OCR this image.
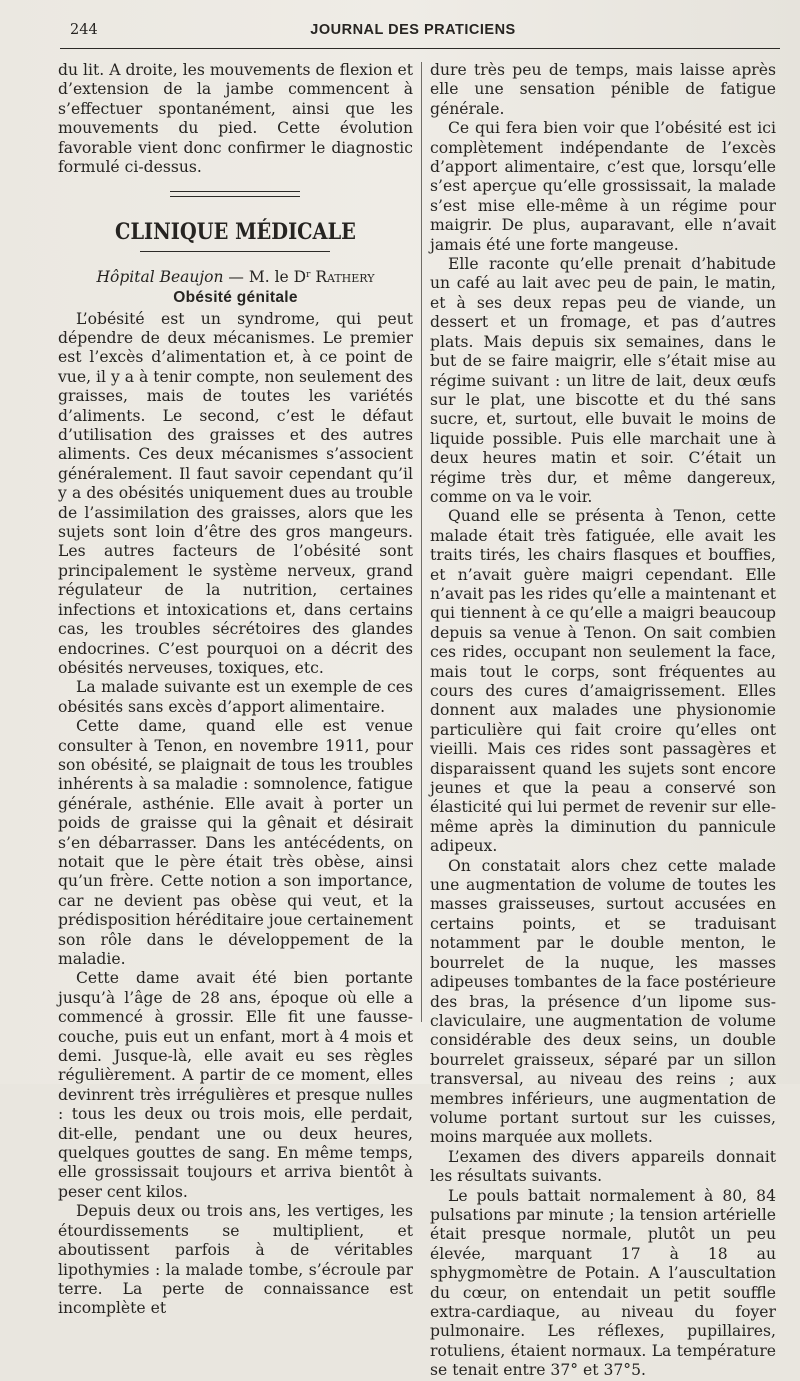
244	JOURNAL DES PRATICIENS

du lit. A droite, les mouvements de flexion et d’extension de la jambe commencent à s’effectuer spontanément, ainsi que les mouvements du pied. Cette évolution favorable vient donc confirmer le diagnostic formulé ci-dessus.

CLINIQUE MÉDICALE
Hôpital Beaujon — M. le $D^r$ Rathery
Obésité génitale

L’obésité est un syndrome, qui peut dépendre de deux mécanismes. Le premier est l’excès d’alimentation et, à ce point de vue, il y a à tenir compte, non seulement des graisses, mais de toutes les variétés d’aliments. Le second, c’est le défaut d’utilisation des graisses et des autres aliments. Ces deux mécanismes s’associent généralement. Il faut savoir cependant qu’il y a des obésités uniquement dues au trouble de l’assimilation des graisses, alors que les sujets sont loin d’être des gros mangeurs. Les autres facteurs de l’obésité sont principalement le système nerveux, grand régulateur de la nutrition, certaines infections et intoxications et, dans certains cas, les troubles sécrétoires des glandes endocrines. C’est pourquoi on a décrit des obésités nerveuses, toxiques, etc.

La malade suivante est un exemple de ces obésités sans excès d’apport alimentaire.

Cette dame, quand elle est venue consulter à Tenon, en novembre 1911, pour son obésité, se plaignait de tous les troubles inhérents à sa maladie : somnolence, fatigue générale, asthénie. Elle avait à porter un poids de graisse qui la gênait et désirait s’en débarrasser. Dans les antécédents, on notait que le père était très obèse, ainsi qu’un frère. Cette notion a son importance, car ne devient pas obèse qui veut, et la prédisposition héréditaire joue certainement son rôle dans le développement de la maladie.

Cette dame avait été bien portante jusqu’à l’âge de 28 ans, époque où elle a commencé à grossir. Elle fit une fausse-couche, puis eut un enfant, mort à 4 mois et demi. Jusque-là, elle avait eu ses règles régulièrement. A partir de ce moment, elles devinrent très irrégulières et presque nulles : tous les deux ou trois mois, elle perdait, dit-elle, pendant une ou deux heures, quelques gouttes de sang. En même temps, elle grossissait toujours et arriva bientôt à peser cent kilos.

Depuis deux ou trois ans, les vertiges, les étourdissements se multiplient, et aboutissent parfois à de véritables lipothymies : la malade tombe, s’écroule par terre. La perte de connaissance est incomplète et

dure très peu de temps, mais laisse après elle une sensation pénible de fatigue générale.

Ce qui fera bien voir que l’obésité est ici complètement indépendante de l’excès d’apport alimentaire, c’est que, lorsqu’elle s’est aperçue qu’elle grossissait, la malade s’est mise elle-même à un régime pour maigrir. De plus, auparavant, elle n’avait jamais été une forte mangeuse.

Elle raconte qu’elle prenait d’habitude un café au lait avec peu de pain, le matin, et à ses deux repas peu de viande, un dessert et un fromage, et pas d’autres plats. Mais depuis six semaines, dans le but de se faire maigrir, elle s’était mise au régime suivant : un litre de lait, deux œufs sur le plat, une biscotte et du thé sans sucre, et, surtout, elle buvait le moins de liquide possible. Puis elle marchait une à deux heures matin et soir. C’était un régime très dur, et même dangereux, comme on va le voir.

Quand elle se présenta à Tenon, cette malade était très fatiguée, elle avait les traits tirés, les chairs flasques et bouffies, et n’avait guère maigri cependant. Elle n’avait pas les rides qu’elle a maintenant et qui tiennent à ce qu’elle a maigri beaucoup depuis sa venue à Tenon. On sait combien ces rides, occupant non seulement la face, mais tout le corps, sont fréquentes au cours des cures d’amaigrissement. Elles donnent aux malades une physionomie particulière qui fait croire qu’elles ont vieilli. Mais ces rides sont passagères et disparaissent quand les sujets sont encore jeunes et que la peau a conservé son élasticité qui lui permet de revenir sur elle-même après la diminution du pannicule adipeux.

On constatait alors chez cette malade une augmentation de volume de toutes les masses graisseuses, surtout accusées en certains points, et se traduisant notamment par le double menton, le bourrelet de la nuque, les masses adipeuses tombantes de la face postérieure des bras, la présence d’un lipome sus-claviculaire, une augmentation de volume considérable des deux seins, un double bourrelet graisseux, séparé par un sillon transversal, au niveau des reins ; aux membres inférieurs, une augmentation de volume portant surtout sur les cuisses, moins marquée aux mollets.

L’examen des divers appareils donnait les résultats suivants.

Le pouls battait normalement à 80, 84 pulsations par minute ; la tension artérielle était presque normale, plutôt un peu élevée, marquant 17 à 18 au sphygmomètre de Potain. A l’auscultation du cœur, on entendait un petit souffle extra-cardiaque, au niveau du foyer pulmonaire. Les réflexes, pupillaires, rotuliens, étaient normaux. La température se tenait entre 37° et 37°5.
